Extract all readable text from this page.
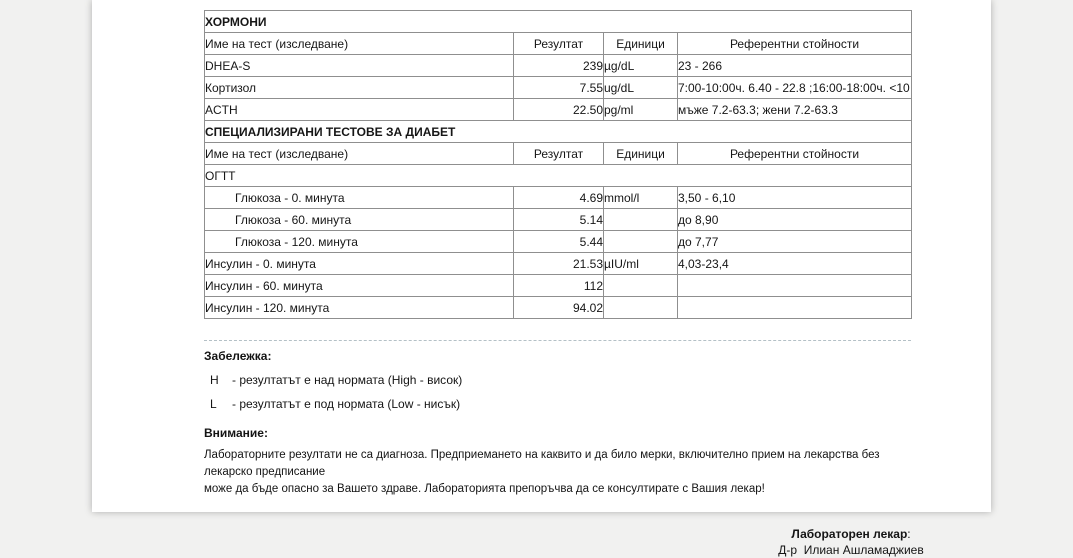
ХОРМОНИ			
Име на тест (изследване)	Резултат	Единици	Референтни стойности
DHEA-S	239	µg/dL	23 - 266
Кортизол	7.55	ug/dL	7:00-10:00ч. 6.40 - 22.8 ;16:00-18:00ч. <10
ACTH	22.50	pg/ml	мъже 7.2-63.3; жени 7.2-63.3
СПЕЦИАЛИЗИРАНИ ТЕСТОВЕ ЗА ДИАБЕТ			
Име на тест (изследване)	Резултат	Единици	Референтни стойности
ОГТТ			
Глюкоза - 0. минута	4.69	mmol/l	3,50 - 6,10
Глюкоза - 60. минута	5.14		до 8,90
Глюкоза - 120. минута	5.44		до 7,77
Инсулин - 0. минута	21.53	µIU/ml	4,03-23,4
Инсулин - 60. минута	112		
Инсулин - 120. минута	94.02		
Забележка:
H	- резултатът е над нормата (High - висок)
L	- резултатът е под нормата (Low - нисък)
Внимание:
Лабораторните резултати не са диагноза. Предприемането на каквито и да било мерки, включително прием на лекарства без лекарско предписание
може да бъде опасно за Вашето здраве. Лабораторията препоръчва да се консултирате с Вашия лекар!
Лабораторен лекар:
Д-р  Илиан Ашламаджиев
